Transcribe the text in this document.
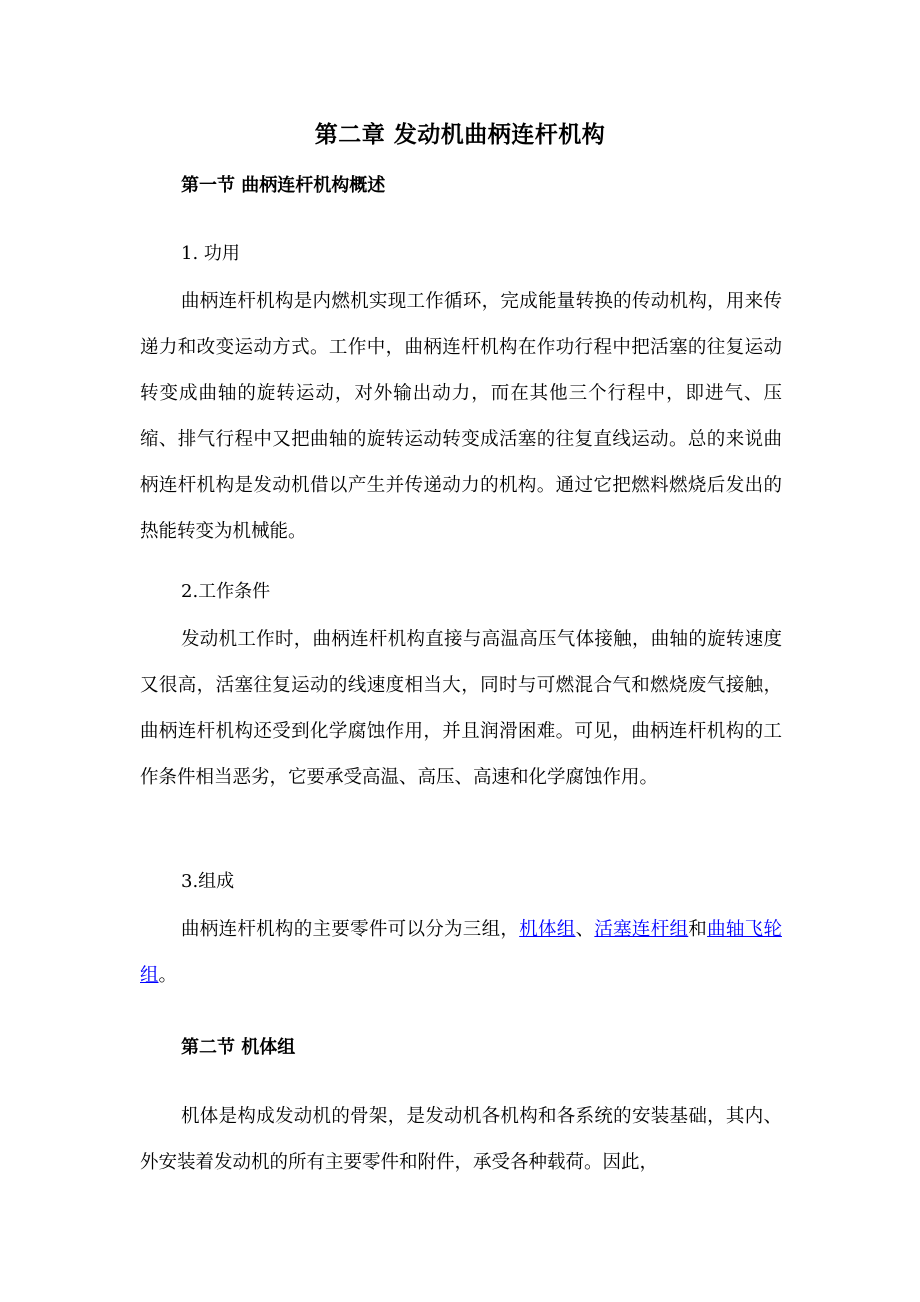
第二章 发动机曲柄连杆机构
第一节 曲柄连杆机构概述
1. 功用

曲柄连杆机构是内燃机实现工作循环，完成能量转换的传动机构，用来传递力和改变运动方式。工作中，曲柄连杆机构在作功行程中把活塞的往复运动转变成曲轴的旋转运动，对外输出动力，而在其他三个行程中，即进气、压缩、排气行程中又把曲轴的旋转运动转变成活塞的往复直线运动。总的来说曲柄连杆机构是发动机借以产生并传递动力的机构。通过它把燃料燃烧后发出的热能转变为机械能。

2.工作条件

发动机工作时，曲柄连杆机构直接与高温高压气体接触，曲轴的旋转速度又很高，活塞往复运动的线速度相当大，同时与可燃混合气和燃烧废气接触，曲柄连杆机构还受到化学腐蚀作用，并且润滑困难。可见，曲柄连杆机构的工作条件相当恶劣，它要承受高温、高压、高速和化学腐蚀作用。

3.组成

曲柄连杆机构的主要零件可以分为三组，机体组、活塞连杆组和曲轴飞轮组。

第二节 机体组

机体是构成发动机的骨架，是发动机各机构和各系统的安装基础，其内、外安装着发动机的所有主要零件和附件，承受各种载荷。因此，
